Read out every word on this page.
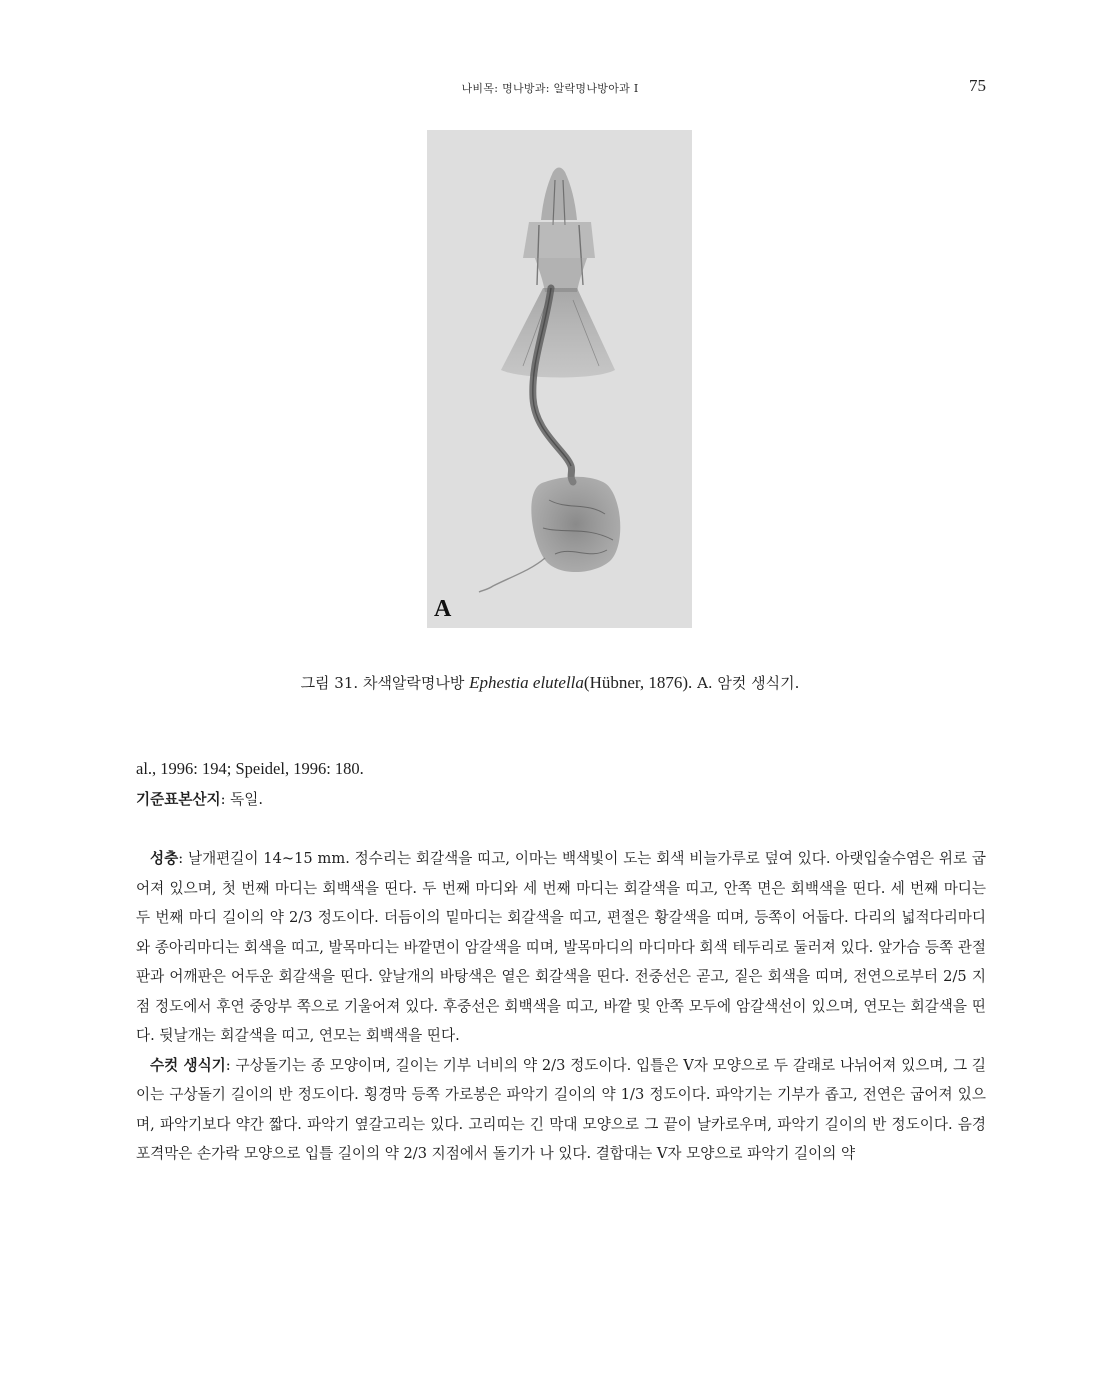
나비목: 명나방과: 알락명나방아과 I	75
A
그림 31. 차색알락명나방 Ephestia elutella(Hübner, 1876). A. 암컷 생식기.

al., 1996: 194; Speidel, 1996: 180.

기준표본산지: 독일.

성충: 날개편길이 14~15 mm. 정수리는 회갈색을 띠고, 이마는 백색빛이 도는 회색 비늘가루로 덮여 있다. 아랫입술수염은 위로 굽어져 있으며, 첫 번째 마디는 회백색을 띤다. 두 번째 마디와 세 번째 마디는 회갈색을 띠고, 안쪽 면은 회백색을 띤다. 세 번째 마디는 두 번째 마디 길이의 약 2/3 정도이다. 더듬이의 밑마디는 회갈색을 띠고, 편절은 황갈색을 띠며, 등쪽이 어둡다. 다리의 넓적다리마디와 종아리마디는 회색을 띠고, 발목마디는 바깥면이 암갈색을 띠며, 발목마디의 마디마다 회색 테두리로 둘러져 있다. 앞가슴 등쪽 관절판과 어깨판은 어두운 회갈색을 띤다. 앞날개의 바탕색은 옅은 회갈색을 띤다. 전중선은 곧고, 짙은 회색을 띠며, 전연으로부터 2/5 지점 정도에서 후연 중앙부 쪽으로 기울어져 있다. 후중선은 회백색을 띠고, 바깥 및 안쪽 모두에 암갈색선이 있으며, 연모는 회갈색을 띤다. 뒷날개는 회갈색을 띠고, 연모는 회백색을 띤다.

수컷 생식기: 구상돌기는 종 모양이며, 길이는 기부 너비의 약 2/3 정도이다. 입틀은 V자 모양으로 두 갈래로 나뉘어져 있으며, 그 길이는 구상돌기 길이의 반 정도이다. 횡경막 등쪽 가로봉은 파악기 길이의 약 1/3 정도이다. 파악기는 기부가 좁고, 전연은 굽어져 있으며, 파악기보다 약간 짧다. 파악기 옆갈고리는 있다. 고리띠는 긴 막대 모양으로 그 끝이 날카로우며, 파악기 길이의 반 정도이다. 음경포격막은 손가락 모양으로 입틀 길이의 약 2/3 지점에서 돌기가 나 있다. 결합대는 V자 모양으로 파악기 길이의 약
